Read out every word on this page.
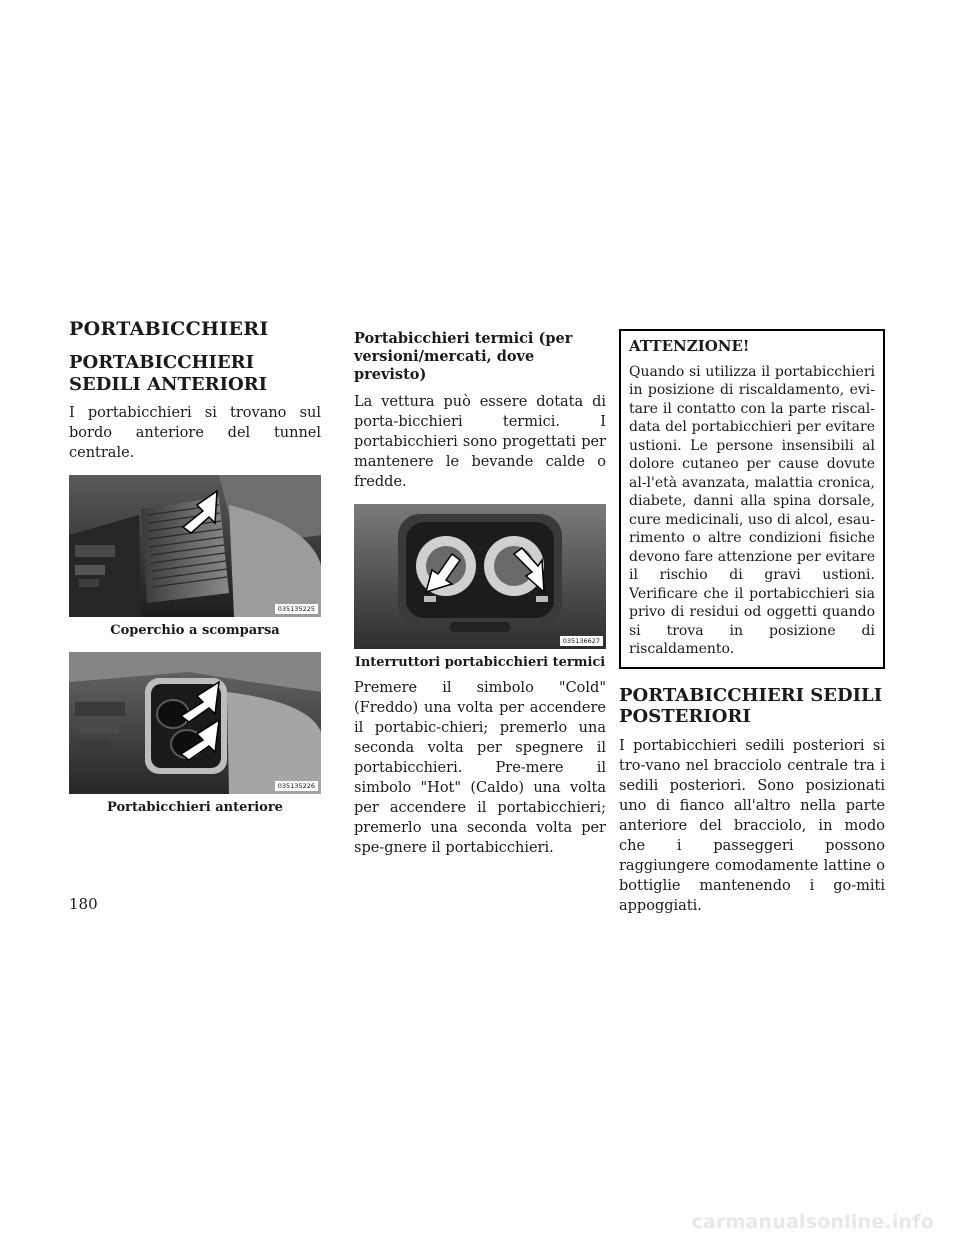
PORTABICCHIERI
PORTABICCHIERI SEDILI ANTERIORI

I portabicchieri si trovano sul bordo anteriore del tunnel centrale.

035135225
Coperchio a scomparsa
035135226
Portabicchieri anteriore
Portabicchieri termici (per versioni/mercati, dove previsto)

La vettura può essere dotata di porta-bicchieri termici. I portabicchieri sono progettati per mantenere le bevande calde o fredde.

035136627
Interruttori portabicchieri termici

Premere il simbolo "Cold" (Freddo) una volta per accendere il portabic-chieri; premerlo una seconda volta per spegnere il portabicchieri. Pre-mere il simbolo "Hot" (Caldo) una volta per accendere il portabicchieri; premerlo una seconda volta per spe-gnere il portabicchieri.

ATTENZIONE!

Quando si utilizza il portabicchieri in posizione di riscaldamento, evi-tare il contatto con la parte riscal-data del portabicchieri per evitare ustioni. Le persone insensibili al dolore cutaneo per cause dovute al-l'età avanzata, malattia cronica, diabete, danni alla spina dorsale, cure medicinali, uso di alcol, esau-rimento o altre condizioni fisiche devono fare attenzione per evitare il rischio di gravi ustioni. Verificare che il portabicchieri sia privo di residui od oggetti quando si trova in posizione di riscaldamento.

PORTABICCHIERI SEDILI POSTERIORI

I portabicchieri sedili posteriori si tro-vano nel bracciolo centrale tra i sedili posteriori. Sono posizionati uno di fianco all'altro nella parte anteriore del bracciolo, in modo che i passeggeri possono raggiungere comodamente lattine o bottiglie mantenendo i go-miti appoggiati.

180
carmanualsonline.info
